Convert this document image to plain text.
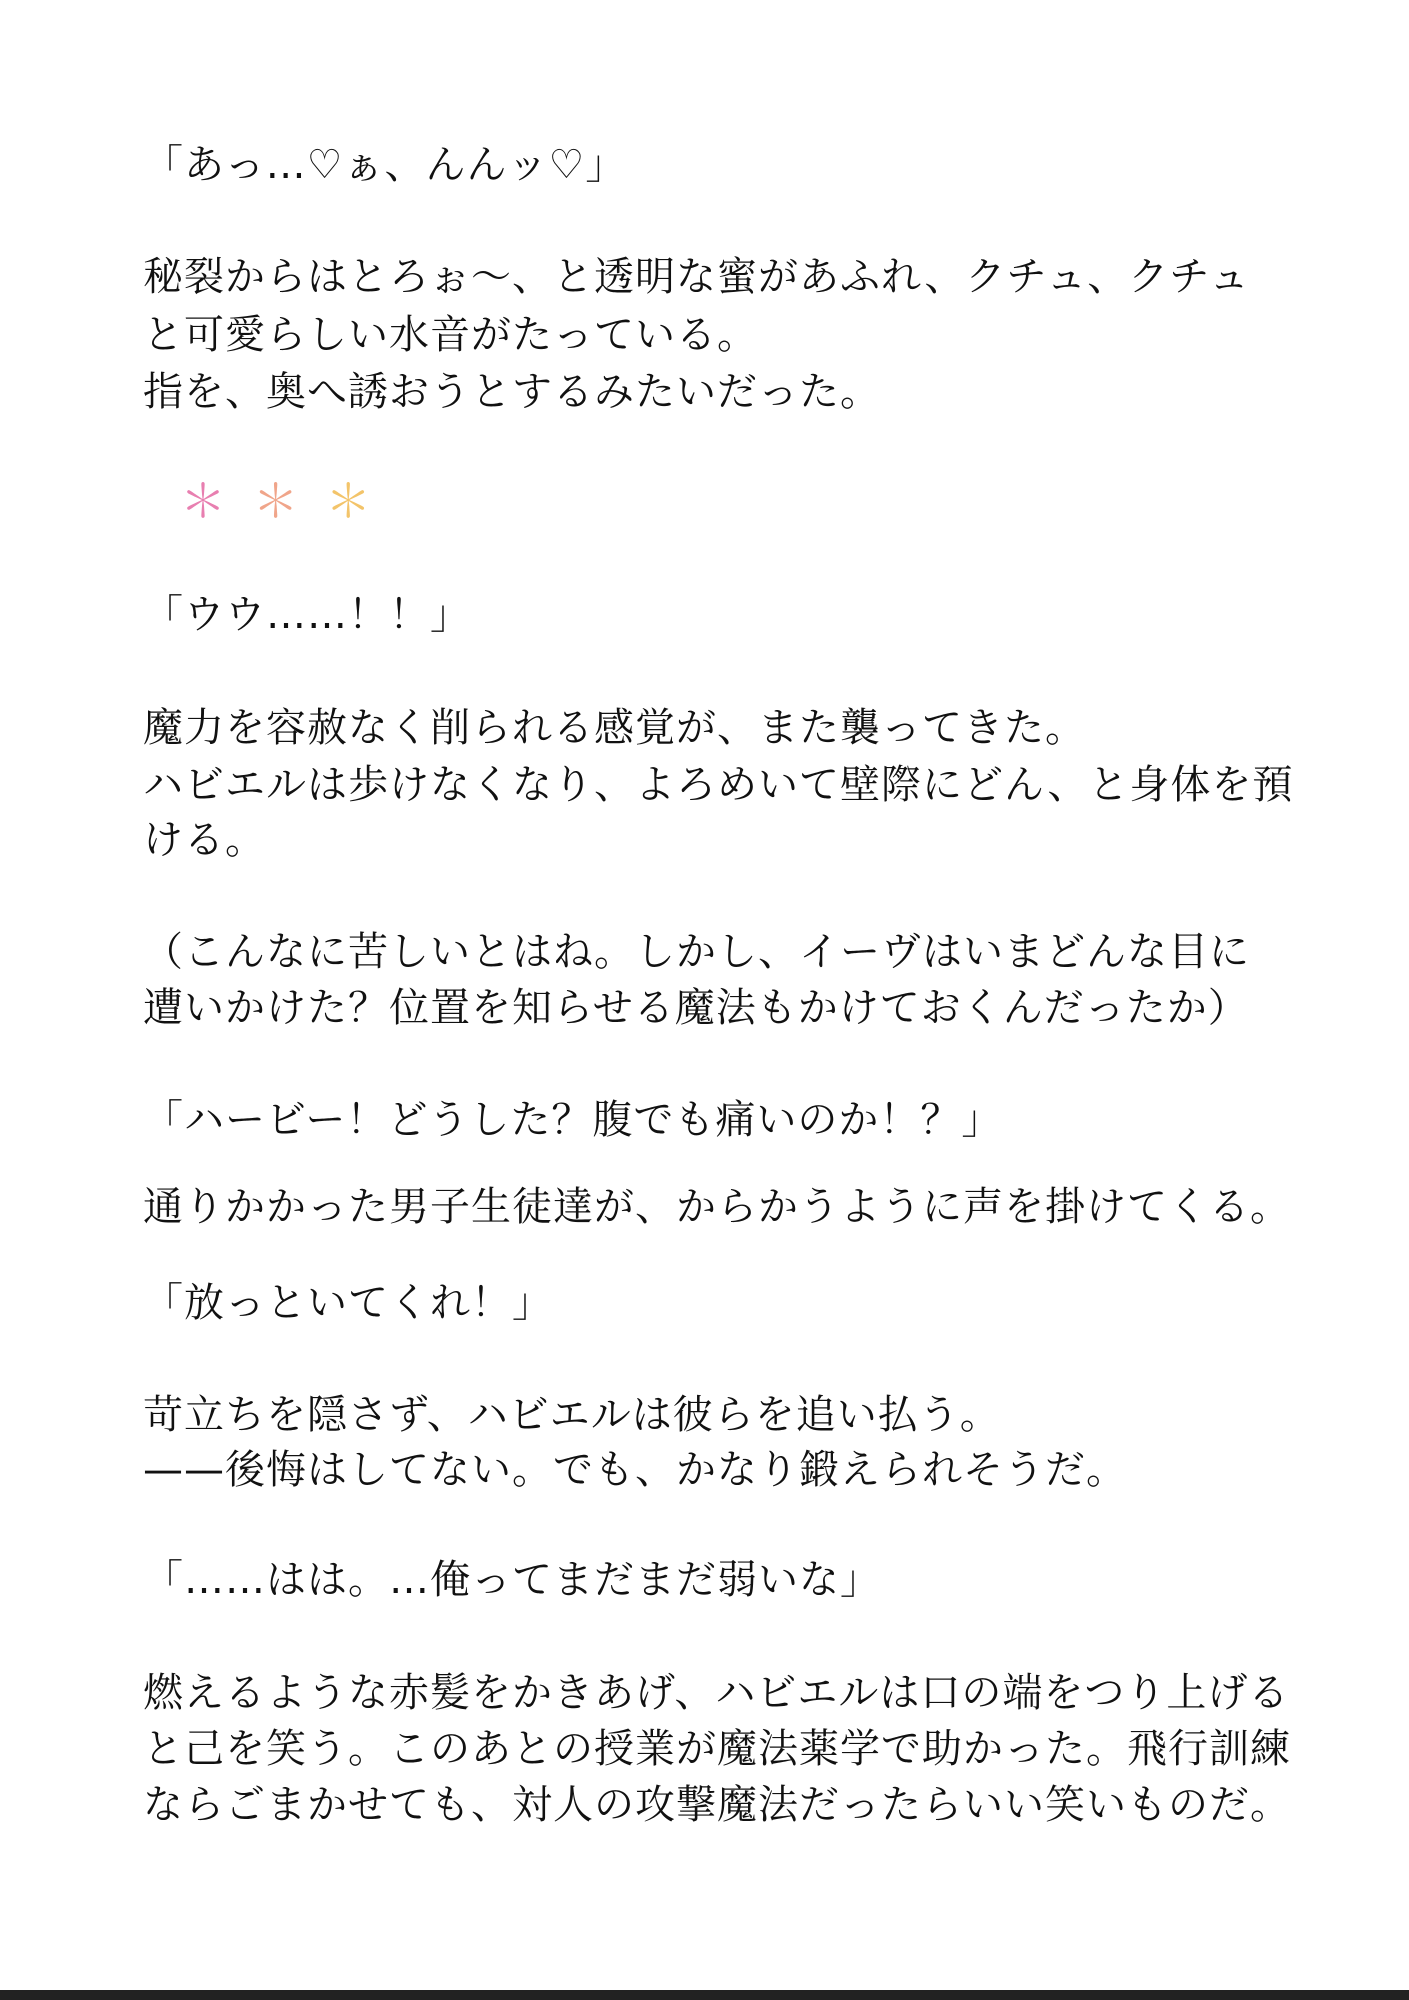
「あっ…♡ぁ、んんッ♡」
秘裂からはとろぉ〜、と透明な蜜があふれ、クチュ、クチュ
と可愛らしい水音がたっている。
指を、奥へ誘おうとするみたいだった。
＊ ＊ ＊
「ウウ……！！」
魔力を容赦なく削られる感覚が、また襲ってきた。
ハビエルは歩けなくなり、よろめいて壁際にどん、と身体を預
ける。
（こんなに苦しいとはね。しかし、イーヴはいまどんな目に
遭いかけた？位置を知らせる魔法もかけておくんだったか）
「ハービー！どうした？腹でも痛いのか！？」
通りかかった男子生徒達が、からかうように声を掛けてくる。
「放っといてくれ！」
苛立ちを隠さず、ハビエルは彼らを追い払う。
——後悔はしてない。でも、かなり鍛えられそうだ。
「……はは。…俺ってまだまだ弱いな」
燃えるような赤髪をかきあげ、ハビエルは口の端をつり上げる
と己を笑う。このあとの授業が魔法薬学で助かった。飛行訓練
ならごまかせても、対人の攻撃魔法だったらいい笑いものだ。
